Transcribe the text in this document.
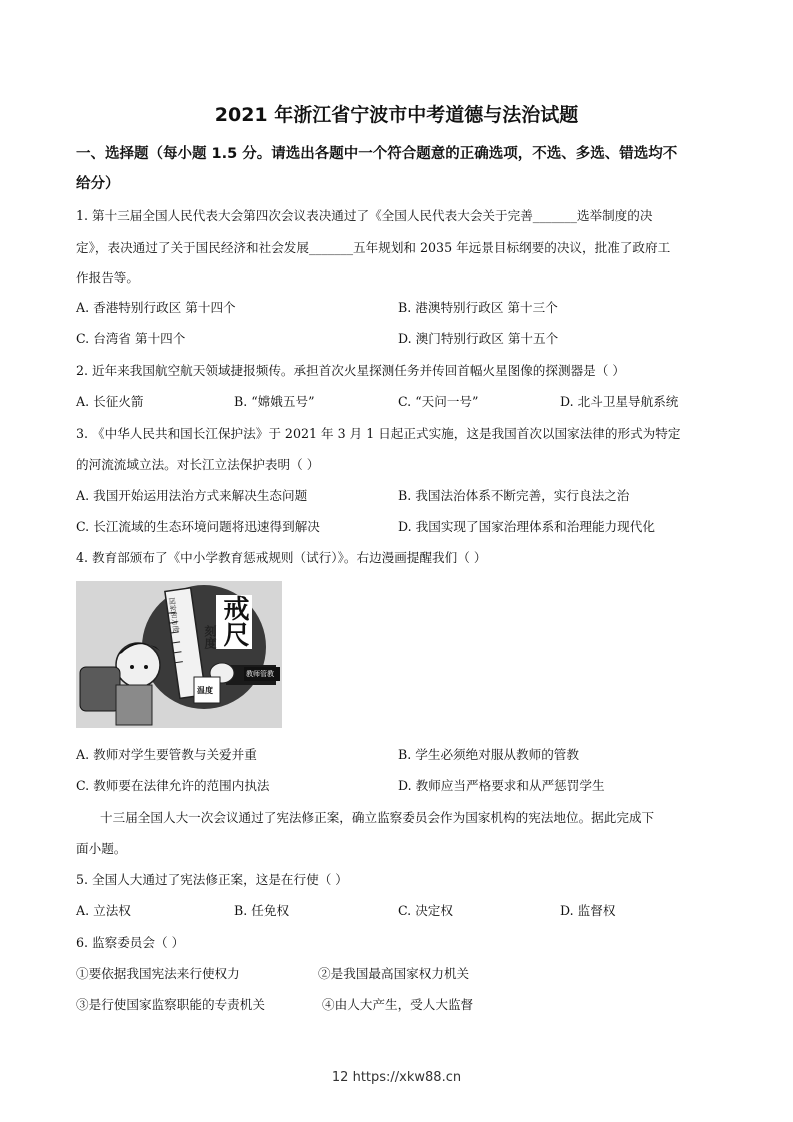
2021 年浙江省宁波市中考道德与法治试题
一、选择题（每小题 1.5 分。请选出各题中一个符合题意的正确选项，不选、多选、错选均不
给分）
1. 第十三届全国人民代表大会第四次会议表决通过了《全国人民代表大会关于完善_______选举制度的决
定》，表决通过了关于国民经济和社会发展_______五年规划和 2035 年远景目标纲要的决议，批准了政府工
作报告等。
A. 香港特别行政区 第十四个	B. 港澳特别行政区 第十三个
C. 台湾省 第十四个	D. 澳门特别行政区 第十五个
2. 近年来我国航空航天领域捷报频传。承担首次火星探测任务并传回首幅火星图像的探测器是（ ）
A. 长征火箭	B. “嫦娥五号”	C. “天问一号”	D. 北斗卫星导航系统
3. 《中华人民共和国长江保护法》于 2021 年 3 月 1 日起正式实施，这是我国首次以国家法律的形式为特定
的河流流域立法。对长江立法保护表明（ ）
A. 我国开始运用法治方式来解决生态问题	B. 我国法治体系不断完善，实行良法之治
C. 长江流域的生态环境问题将迅速得到解决	D. 我国实现了国家治理体系和治理能力现代化
4. 教育部颁布了《中小学教育惩戒规则（试行）》。右边漫画提醒我们（ ）
国家和力度
刻度 戒尺
教师管教
温度
A. 教师对学生要管教与关爱并重	B. 学生必须绝对服从教师的管教
C. 教师要在法律允许的范围内执法	D. 教师应当严格要求和从严惩罚学生
十三届全国人大一次会议通过了宪法修正案，确立监察委员会作为国家机构的宪法地位。据此完成下
面小题。
5. 全国人大通过了宪法修正案，这是在行使（ ）
A. 立法权	B. 任免权	C. 决定权	D. 监督权
6. 监察委员会（ ）
①要依据我国宪法来行使权力	②是我国最高国家权力机关
③是行使国家监察职能的专责机关	④由人大产生，受人大监督
12 https://xkw88.cn
